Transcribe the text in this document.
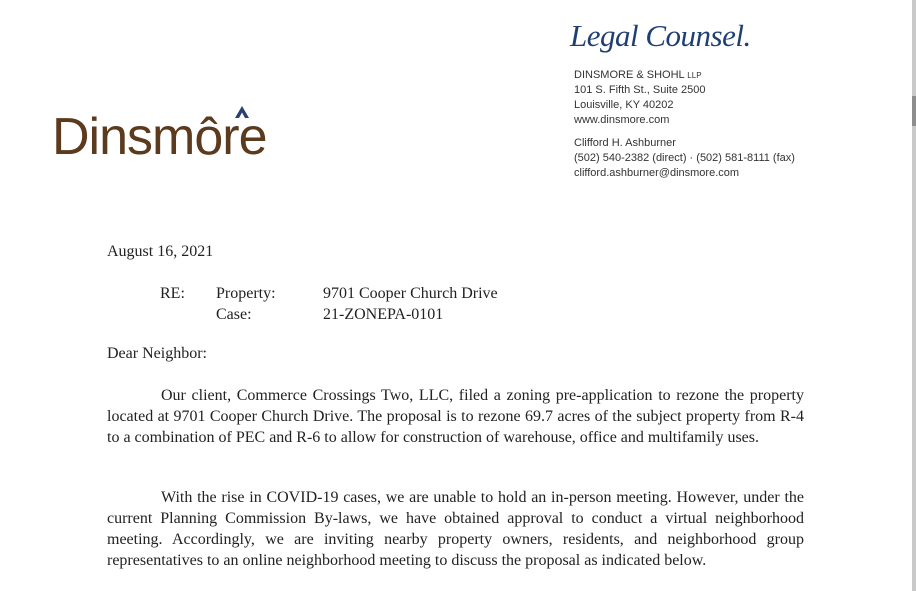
Dinsmôre
Legal Counsel.
DINSMORE & SHOHL LLP
101 S. Fifth St., Suite 2500
Louisville, KY 40202
www.dinsmore.com
Clifford H. Ashburner
(502) 540-2382 (direct) · (502) 581-8111 (fax)
clifford.ashburner@dinsmore.com
August 16, 2021
RE: Property:	9701 Cooper Church Drive
Case:	21-ZONEPA-0101
Dear Neighbor:

Our client, Commerce Crossings Two, LLC, filed a zoning pre-application to rezone the property located at 9701 Cooper Church Drive. The proposal is to rezone 69.7 acres of the subject property from R-4 to a combination of PEC and R-6 to allow for construction of warehouse, office and multifamily uses.

With the rise in COVID-19 cases, we are unable to hold an in-person meeting. However, under the current Planning Commission By-laws, we have obtained approval to conduct a virtual neighborhood meeting. Accordingly, we are inviting nearby property owners, residents, and neighborhood group representatives to an online neighborhood meeting to discuss the proposal as indicated below.
